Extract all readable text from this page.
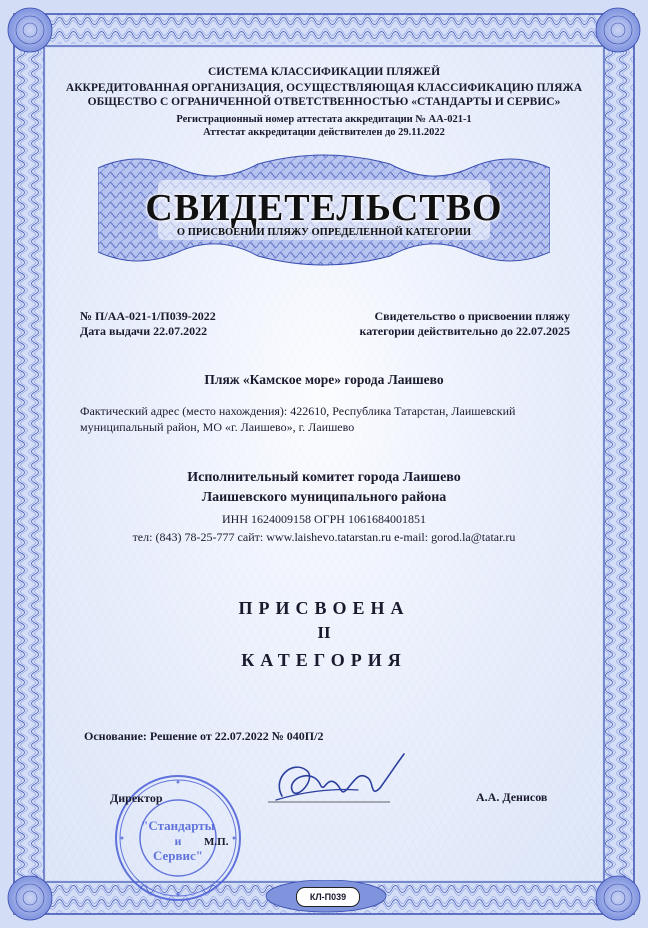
СИСТЕМА КЛАССИФИКАЦИИ ПЛЯЖЕЙ
АККРЕДИТОВАННАЯ ОРГАНИЗАЦИЯ, ОСУЩЕСТВЛЯЮЩАЯ КЛАССИФИКАЦИЮ ПЛЯЖА
ОБЩЕСТВО С ОГРАНИЧЕННОЙ ОТВЕТСТВЕННОСТЬЮ «СТАНДАРТЫ И СЕРВИС»
Регистрационный номер аттестата аккредитации № АА-021-1
Аттестат аккредитации действителен до 29.11.2022
СВИДЕТЕЛЬСТВО
О ПРИСВОЕНИИ ПЛЯЖУ ОПРЕДЕЛЕННОЙ КАТЕГОРИИ
№ П/АА-021-1/П039-2022
Дата выдачи 22.07.2022
Свидетельство о присвоении пляжу
категории действительно до 22.07.2025
Пляж «Камское море» города Лаишево
Фактический адрес (место нахождения): 422610, Республика Татарстан, Лаишевский муниципальный район, МО «г. Лаишево», г. Лаишево
Исполнительный комитет города Лаишево
Лаишевского муниципального района
ИНН 1624009158 ОГРН 1061684001851
тел: (843) 78-25-777 сайт: www.laishevo.tatarstan.ru e-mail: gorod.la@tatar.ru
ПРИСВОЕНА
II
КАТЕГОРИЯ
Основание: Решение от 22.07.2022 № 040П/2
"Стандарты
и
Сервис"
Директор
М.П.
А.А. Денисов
КЛ-П039
